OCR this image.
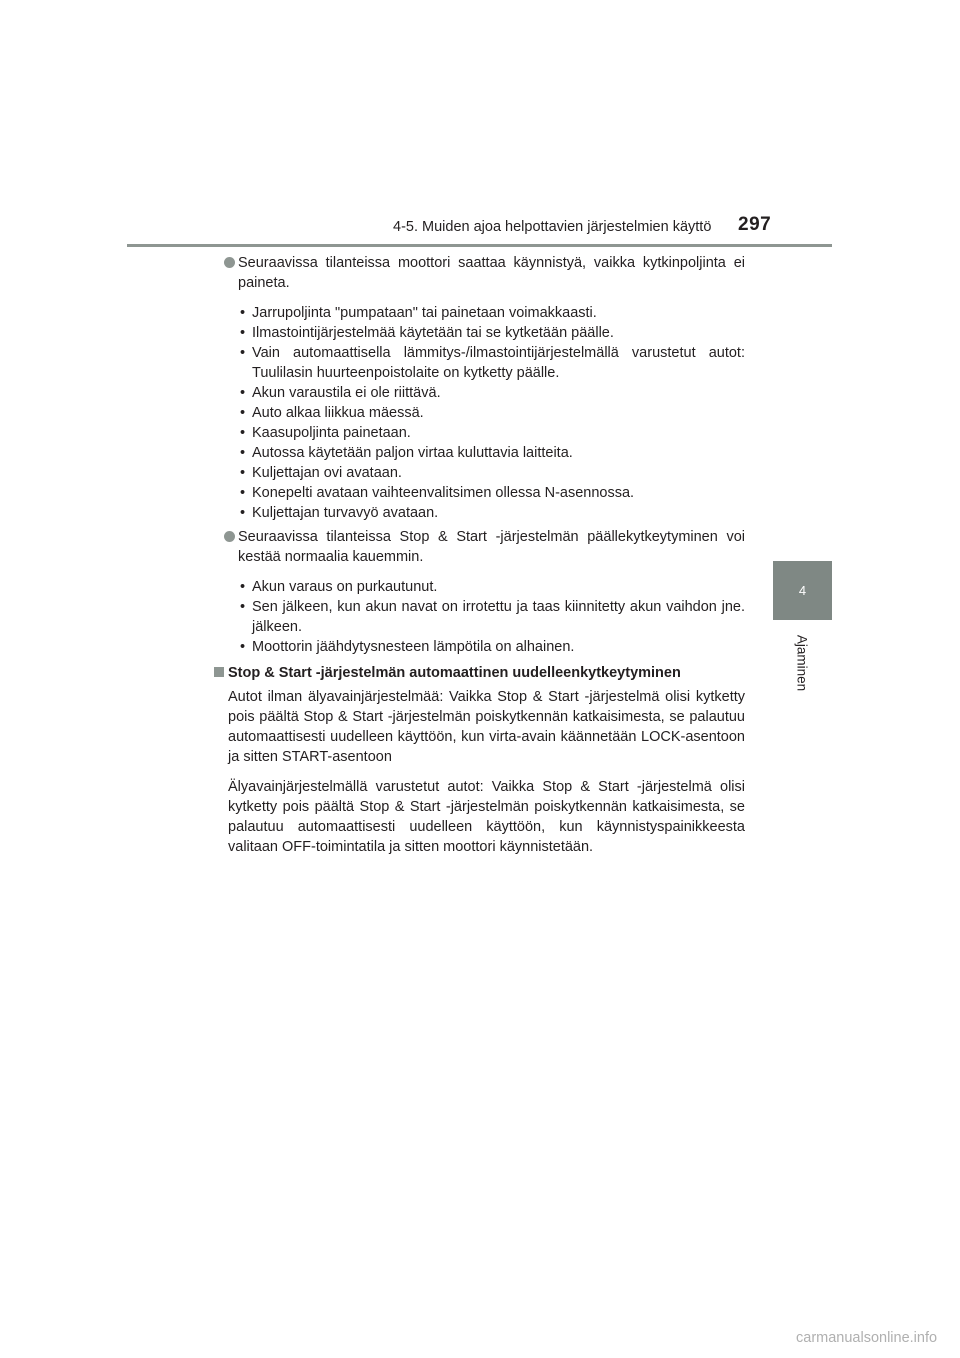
4-5. Muiden ajoa helpottavien järjestelmien käyttö 297
4
Ajaminen

Seuraavissa tilanteissa moottori saattaa käynnistyä, vaikka kytkinpoljinta ei paineta.

• Jarrupoljinta "pumpataan" tai painetaan voimakkaasti.
• Ilmastointijärjestelmää käytetään tai se kytketään päälle.
• Vain automaattisella lämmitys-/ilmastointijärjestelmällä varustetut autot: Tuulilasin huurteenpoistolaite on kytketty päälle.
• Akun varaustila ei ole riittävä.
• Auto alkaa liikkua mäessä.
• Kaasupoljinta painetaan.
• Autossa käytetään paljon virtaa kuluttavia laitteita.
• Kuljettajan ovi avataan.
• Konepelti avataan vaihteenvalitsimen ollessa N-asennossa.
• Kuljettajan turvavyö avataan.

Seuraavissa tilanteissa Stop & Start -järjestelmän päällekytkeytyminen voi kestää normaalia kauemmin.

• Akun varaus on purkautunut.
• Sen jälkeen, kun akun navat on irrotettu ja taas kiinnitetty akun vaihdon jne. jälkeen.
• Moottorin jäähdytysnesteen lämpötila on alhainen.

Stop & Start -järjestelmän automaattinen uudelleenkytkeytyminen

Autot ilman älyavainjärjestelmää: Vaikka Stop & Start -järjestelmä olisi kytketty pois päältä Stop & Start -järjestelmän poiskytkennän katkaisimesta, se palautuu automaattisesti uudelleen käyttöön, kun virta-avain käännetään LOCK-asentoon ja sitten START-asentoon

Älyavainjärjestelmällä varustetut autot: Vaikka Stop & Start -järjestelmä olisi kytketty pois päältä Stop & Start -järjestelmän poiskytkennän katkaisimesta, se palautuu automaattisesti uudelleen käyttöön, kun käynnistyspainikkeesta valitaan OFF-toimintatila ja sitten moottori käynnistetään.

carmanualsonline.info
